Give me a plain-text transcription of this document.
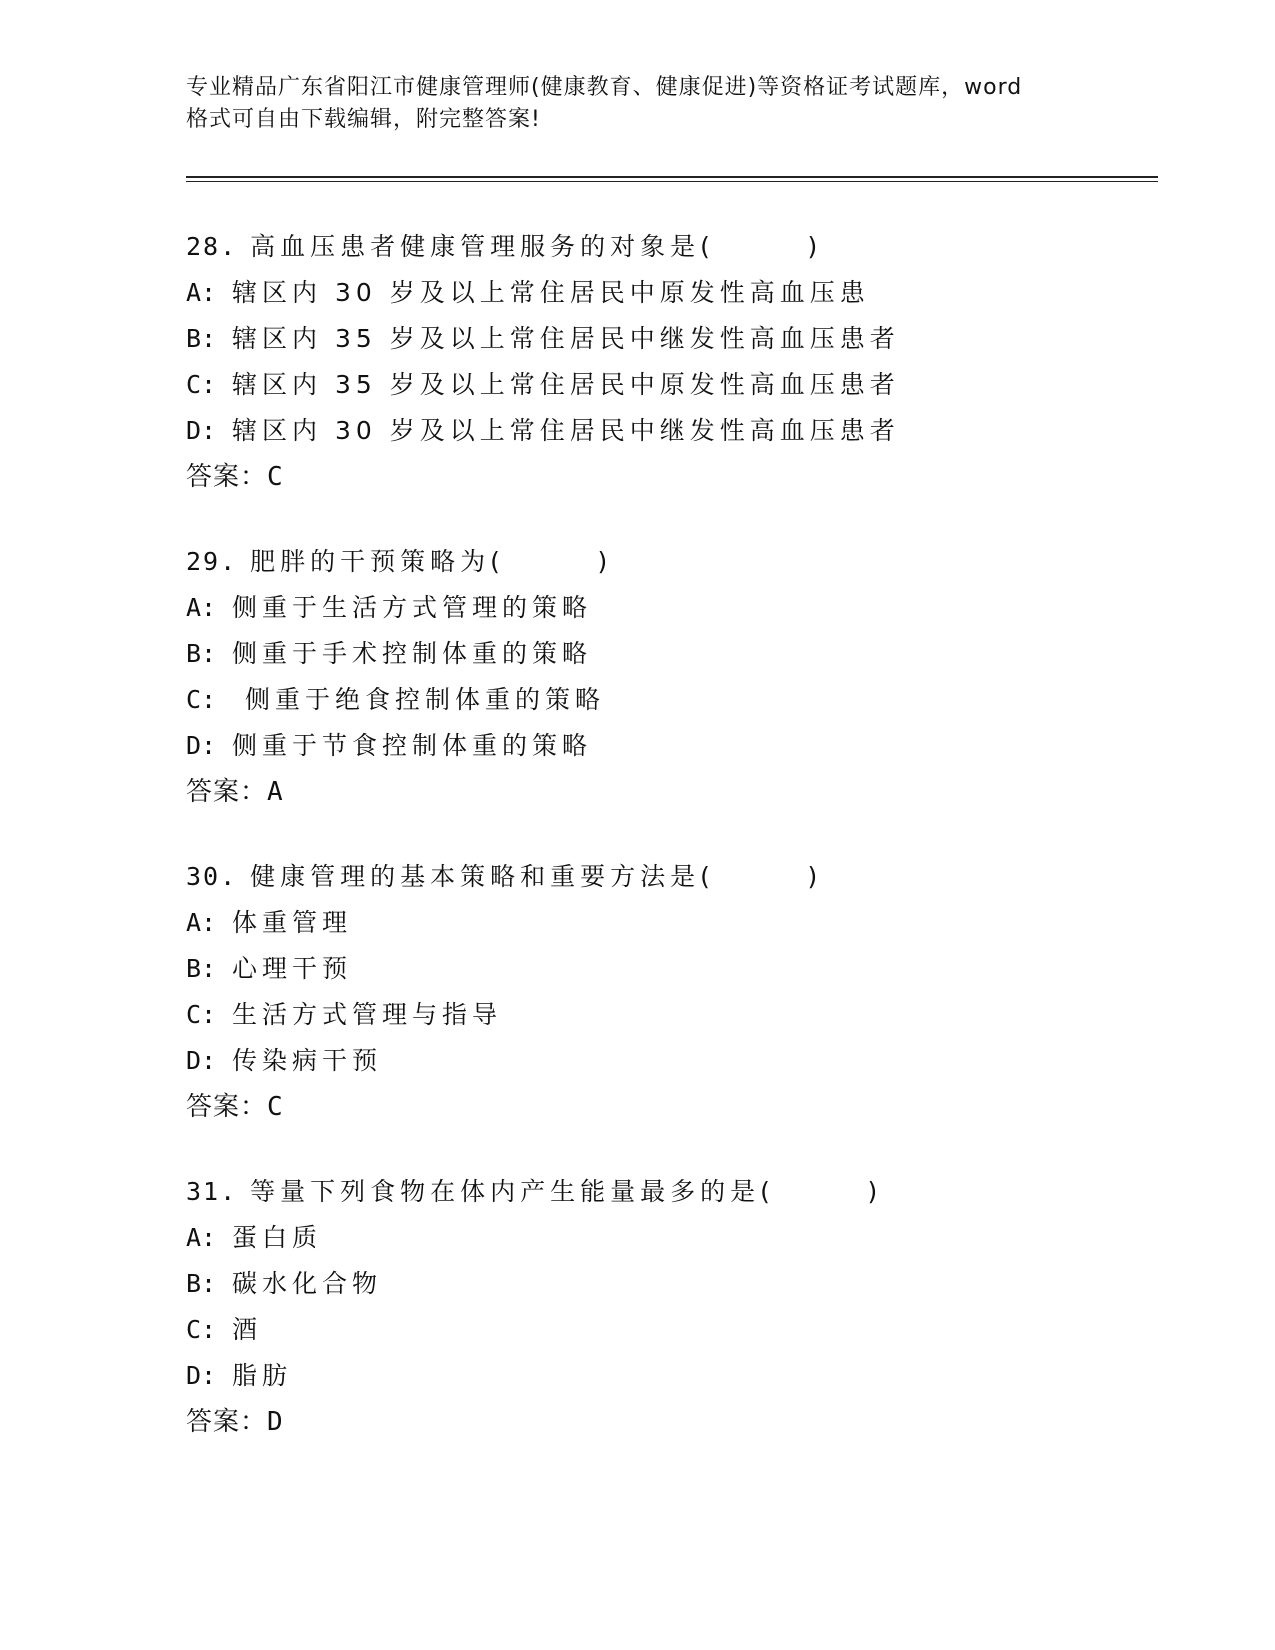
专业精品广东省阳江市健康管理师(健康教育、健康促进)等资格证考试题库，word
格式可自由下载编辑，附完整答案!
28. 高血压患者健康管理服务的对象是(	)
A: 辖区内 30 岁及以上常住居民中原发性高血压患
B: 辖区内 35 岁及以上常住居民中继发性高血压患者
C: 辖区内 35 岁及以上常住居民中原发性高血压患者
D: 辖区内 30 岁及以上常住居民中继发性高血压患者
答案：C
29. 肥胖的干预策略为(	)
A: 侧重于生活方式管理的策略
B: 侧重于手术控制体重的策略
C: 侧重于绝食控制体重的策略
D: 侧重于节食控制体重的策略
答案：A
30. 健康管理的基本策略和重要方法是(	)
A: 体重管理
B: 心理干预
C: 生活方式管理与指导
D: 传染病干预
答案：C
31. 等量下列食物在体内产生能量最多的是(	)
A: 蛋白质
B: 碳水化合物
C: 酒
D: 脂肪
答案：D
